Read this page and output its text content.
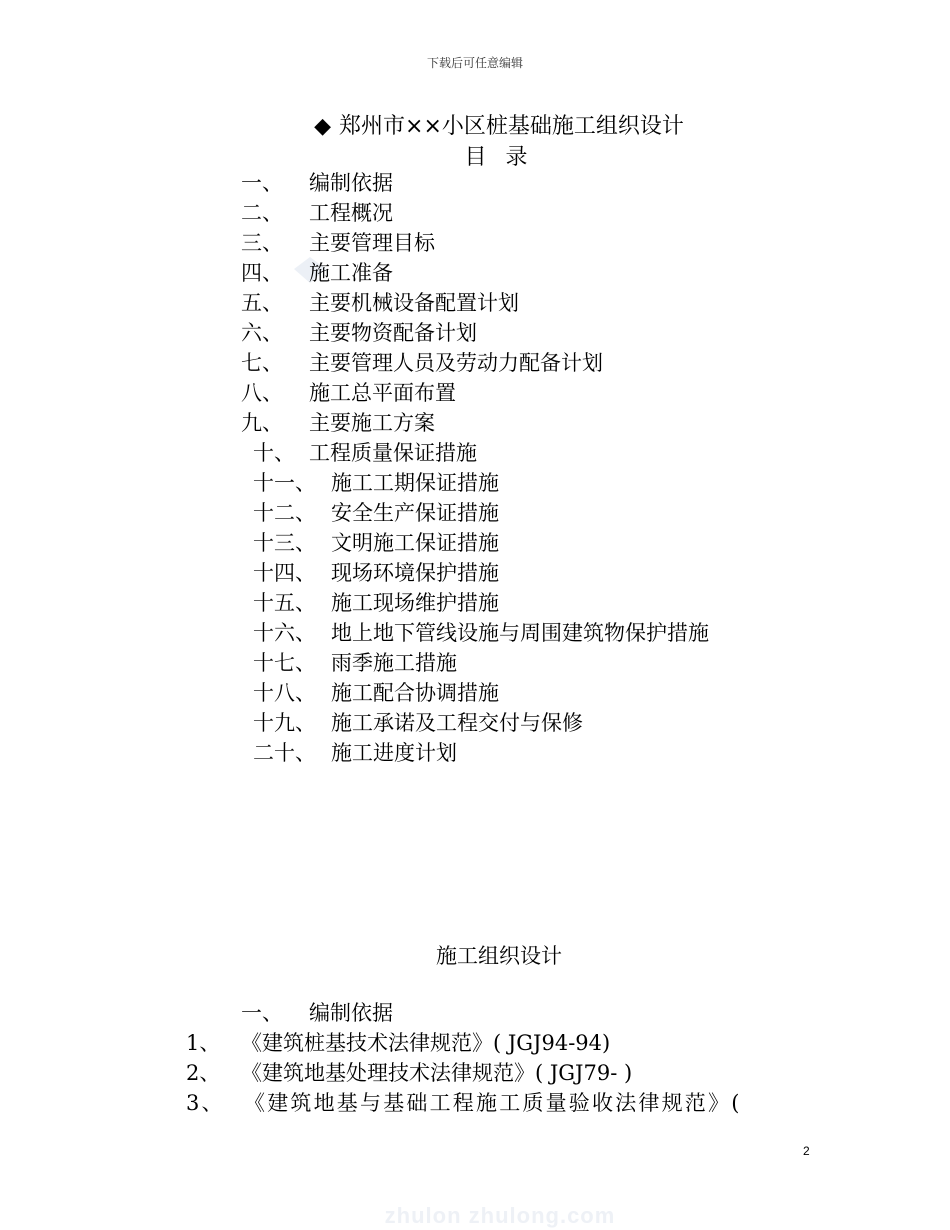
下载后可任意编辑
◆ 郑州市××小区桩基础施工组织设计
目 录
一、 编制依据
二、 工程概况
三、 主要管理目标
四、 施工准备
五、 主要机械设备配置计划
六、 主要物资配备计划
七、 主要管理人员及劳动力配备计划
八、 施工总平面布置
九、 主要施工方案
十、 工程质量保证措施
十一、 施工工期保证措施
十二、 安全生产保证措施
十三、 文明施工保证措施
十四、 现场环境保护措施
十五、 施工现场维护措施
十六、 地上地下管线设施与周围建筑物保护措施
十七、 雨季施工措施
十八、 施工配合协调措施
十九、 施工承诺及工程交付与保修
二十、 施工进度计划
施工组织设计
一、 编制依据
1、 《建筑桩基技术法律规范》( JGJ94-94)
2、 《建筑地基处理技术法律规范》( JGJ79- )
3、 《建筑地基与基础工程施工质量验收法律规范》(
2
zhulon zhulong.com
